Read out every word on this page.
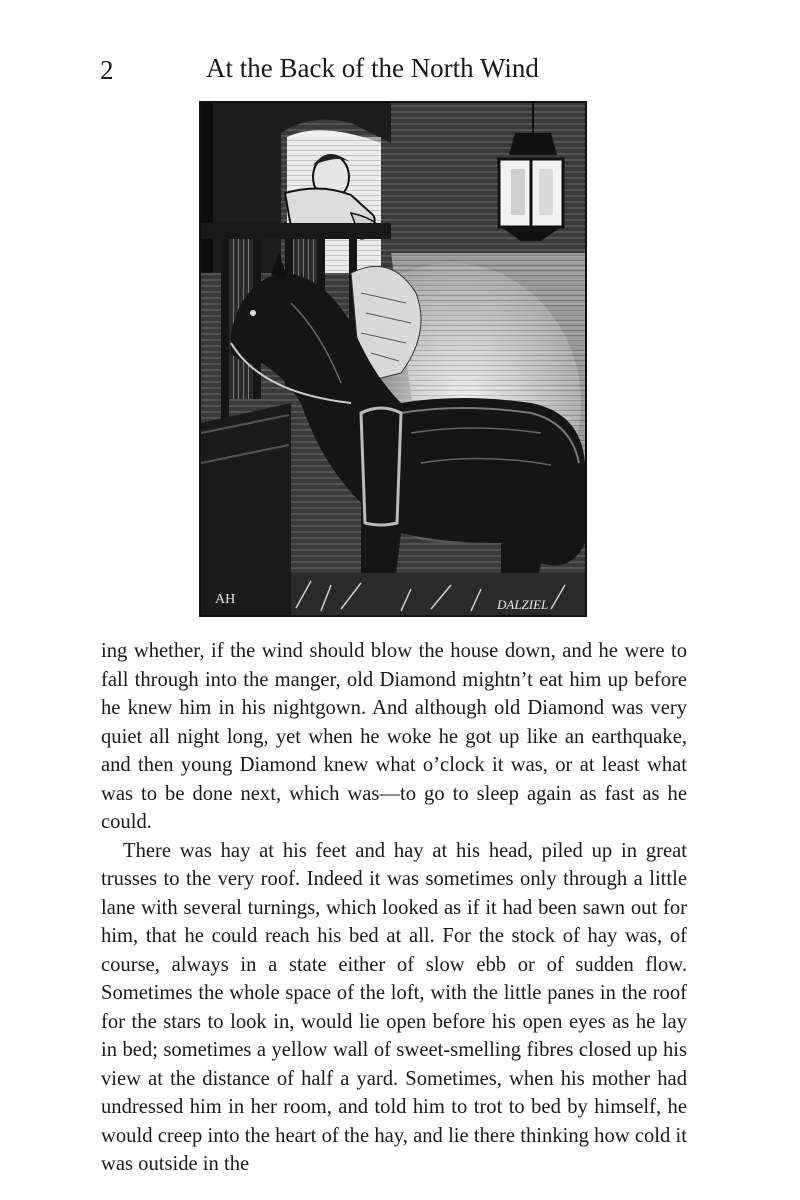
2	At the Back of the North Wind
AH	DALZIEL

ing whether, if the wind should blow the house down, and he were to fall through into the manger, old Diamond mightn’t eat him up before he knew him in his nightgown. And although old Diamond was very quiet all night long, yet when he woke he got up like an earthquake, and then young Diamond knew what o’clock it was, or at least what was to be done next, which was—to go to sleep again as fast as he could.

There was hay at his feet and hay at his head, piled up in great trusses to the very roof. Indeed it was sometimes only through a little lane with several turnings, which looked as if it had been sawn out for him, that he could reach his bed at all. For the stock of hay was, of course, always in a state either of slow ebb or of sudden flow. Sometimes the whole space of the loft, with the little panes in the roof for the stars to look in, would lie open before his open eyes as he lay in bed; sometimes a yellow wall of sweet-smelling fibres closed up his view at the distance of half a yard. Sometimes, when his mother had undressed him in her room, and told him to trot to bed by himself, he would creep into the heart of the hay, and lie there thinking how cold it was outside in the
